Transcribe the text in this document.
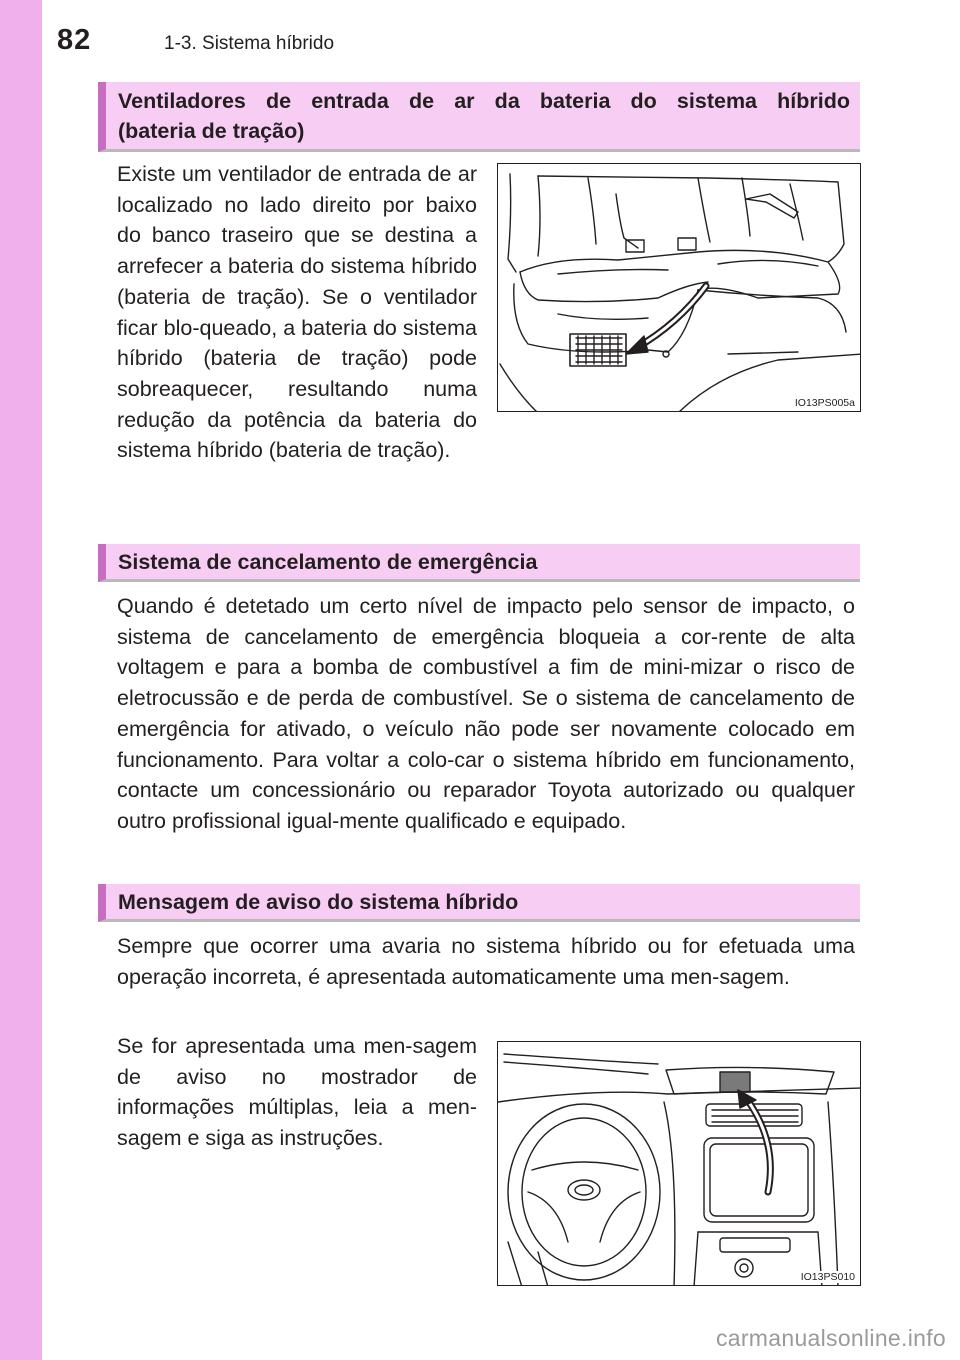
82	1-3. Sistema híbrido
Ventiladores de entrada de ar da bateria do sistema híbrido
(bateria de tração)

Existe um ventilador de entrada de ar localizado no lado direito por baixo do banco traseiro que se destina a arrefecer a bateria do sistema híbrido (bateria de tração). Se o ventilador ficar blo-queado, a bateria do sistema híbrido (bateria de tração) pode sobreaquecer, resultando numa redução da potência da bateria do sistema híbrido (bateria de tração).

IO13PS005a
Sistema de cancelamento de emergência

Quando é detetado um certo nível de impacto pelo sensor de impacto, o sistema de cancelamento de emergência bloqueia a cor-rente de alta voltagem e para a bomba de combustível a fim de mini-mizar o risco de eletrocussão e de perda de combustível. Se o sistema de cancelamento de emergência for ativado, o veículo não pode ser novamente colocado em funcionamento. Para voltar a colo-car o sistema híbrido em funcionamento, contacte um concessionário ou reparador Toyota autorizado ou qualquer outro profissional igual-mente qualificado e equipado.

Mensagem de aviso do sistema híbrido

Sempre que ocorrer uma avaria no sistema híbrido ou for efetuada uma operação incorreta, é apresentada automaticamente uma men-sagem.

Se for apresentada uma men-sagem de aviso no mostrador de informações múltiplas, leia a men-sagem e siga as instruções.

IO13PS010
carmanualsonline.info
